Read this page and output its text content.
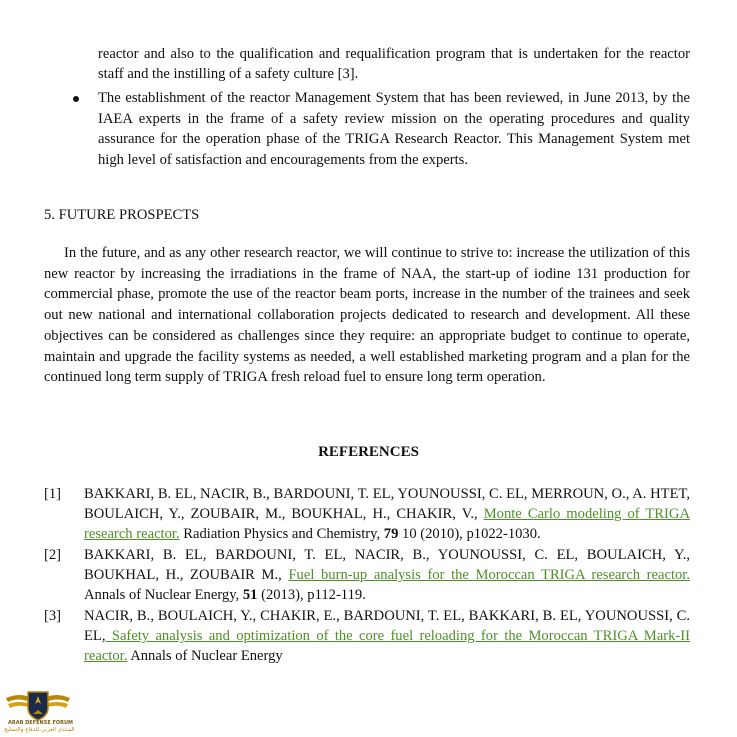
reactor and also to the qualification and requalification program that is undertaken for the reactor staff and the instilling of a safety culture [3].
The establishment of the reactor Management System that has been reviewed, in June 2013, by the IAEA experts in the frame of a safety review mission on the operating procedures and quality assurance for the operation phase of the TRIGA Research Reactor. This Management System met high level of satisfaction and encouragements from the experts.
5. FUTURE PROSPECTS
In the future, and as any other research reactor, we will continue to strive to: increase the utilization of this new reactor by increasing the irradiations in the frame of NAA, the start-up of iodine 131 production for commercial phase, promote the use of the reactor beam ports, increase in the number of the trainees and seek out new national and international collaboration projects dedicated to research and development. All these objectives can be considered as challenges since they require: an appropriate budget to continue to operate, maintain and upgrade the facility systems as needed, a well established marketing program and a plan for the continued long term supply of TRIGA fresh reload fuel to ensure long term operation.
REFERENCES
[1]	BAKKARI, B. EL, NACIR, B., BARDOUNI, T. EL, YOUNOUSSI, C. EL, MERROUN, O., A. HTET, BOULAICH, Y., ZOUBAIR, M., BOUKHAL, H., CHAKIR, V., Monte Carlo modeling of TRIGA research reactor. Radiation Physics and Chemistry, 79 10 (2010), p1022-1030.
[2]	BAKKARI, B. EL, BARDOUNI, T. EL, NACIR, B., YOUNOUSSI, C. EL, BOULAICH, Y., BOUKHAL, H., ZOUBAIR M., Fuel burn-up analysis for the Moroccan TRIGA research reactor. Annals of Nuclear Energy, 51 (2013), p112-119.
[3]	NACIR, B., BOULAICH, Y., CHAKIR, E., BARDOUNI, T. EL, BAKKARI, B. EL, YOUNOUSSI, C. EL, Safety analysis and optimization of the core fuel reloading for the Moroccan TRIGA Mark-II reactor. Annals of Nuclear Energy
ARAB DEFENSE FORUM
المنتدى العربي للدفاع والتسليح
